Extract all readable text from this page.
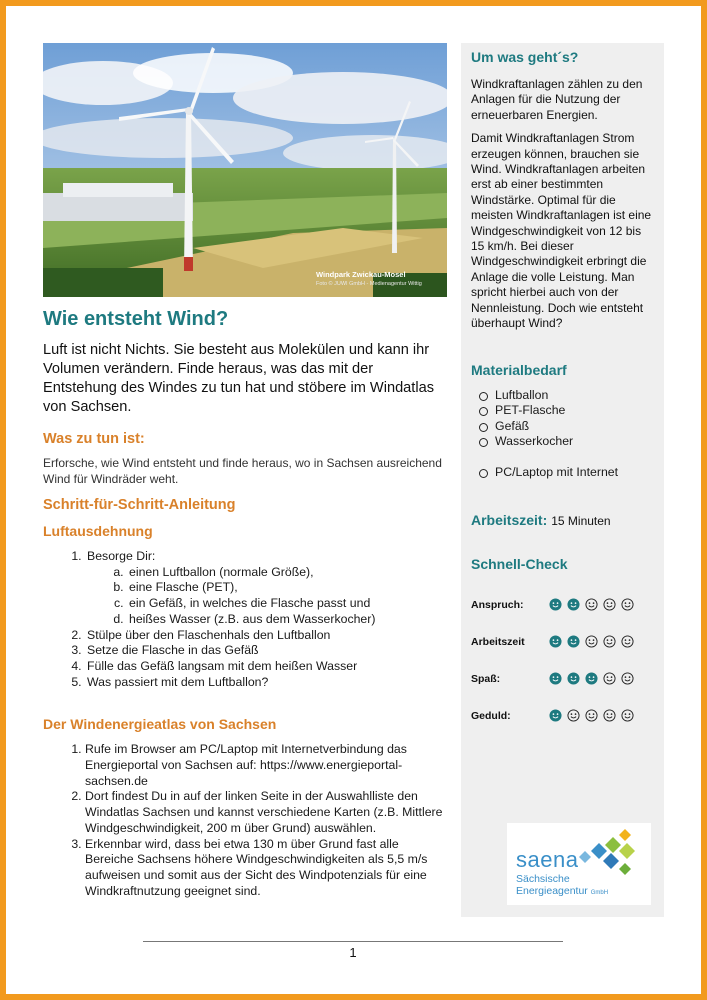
Windpark Zwickau-Mosel
Foto © JUWI GmbH - Medienagentur Wittig
Wie entsteht Wind?

Luft ist nicht Nichts. Sie besteht aus Molekülen und kann ihr Volumen verändern. Finde heraus, was das mit der Entstehung des Windes zu tun hat und stöbere im Windatlas von Sachsen.

Was zu tun ist:

Erforsche, wie Wind entsteht und finde heraus, wo in Sachsen ausreichend Wind für Windräder weht.

Schritt-für-Schritt-Anleitung
Luftausdehnung
1. Besorge Dir:
a. einen Luftballon (normale Größe),
b. eine Flasche (PET),
c. ein Gefäß, in welches die Flasche passt und
d. heißes Wasser (z.B. aus dem Wasserkocher)
2. Stülpe über den Flaschenhals den Luftballon
3. Setze die Flasche in das Gefäß
4. Fülle das Gefäß langsam mit dem heißen Wasser
5. Was passiert mit dem Luftballon?
Der Windenergieatlas von Sachsen
1. Rufe im Browser am PC/Laptop mit Internetverbindung das Energieportal von Sachsen auf: https://www.energieportal-sachsen.de
2. Dort findest Du in auf der linken Seite in der Auswahlliste den Windatlas Sachsen und kannst verschiedene Karten (z.B. Mittlere Windgeschwindigkeit, 200 m über Grund) auswählen.
3. Erkennbar wird, dass bei etwa 130 m über Grund fast alle Bereiche Sachsens höhere Windgeschwindigkeiten als 5,5 m/s aufweisen und somit aus der Sicht des Windpotenzials für eine Windkraftnutzung geeignet sind.
Um was geht´s?

Windkraftanlagen zählen zu den Anlagen für die Nutzung der erneuerbaren Energien.

Damit Windkraftanlagen Strom erzeugen können, brauchen sie Wind. Windkraftanlagen arbeiten erst ab einer bestimmten Windstärke. Optimal für die meisten Windkraftanlagen ist eine Windgeschwindigkeit von 12 bis 15 km/h. Bei dieser Windgeschwindigkeit erbringt die Anlage die volle Leistung. Man spricht hierbei auch von der Nennleistung. Doch wie entsteht überhaupt Wind?

Materialbedarf
Luftballon
PET-Flasche
Gefäß
Wasserkocher
PC/Laptop mit Internet
Arbeitszeit: 15 Minuten
Schnell-Check
Anspruch:
Arbeitszeit
Spaß:
Geduld:
saena
Sächsische
Energieagentur GmbH
1
